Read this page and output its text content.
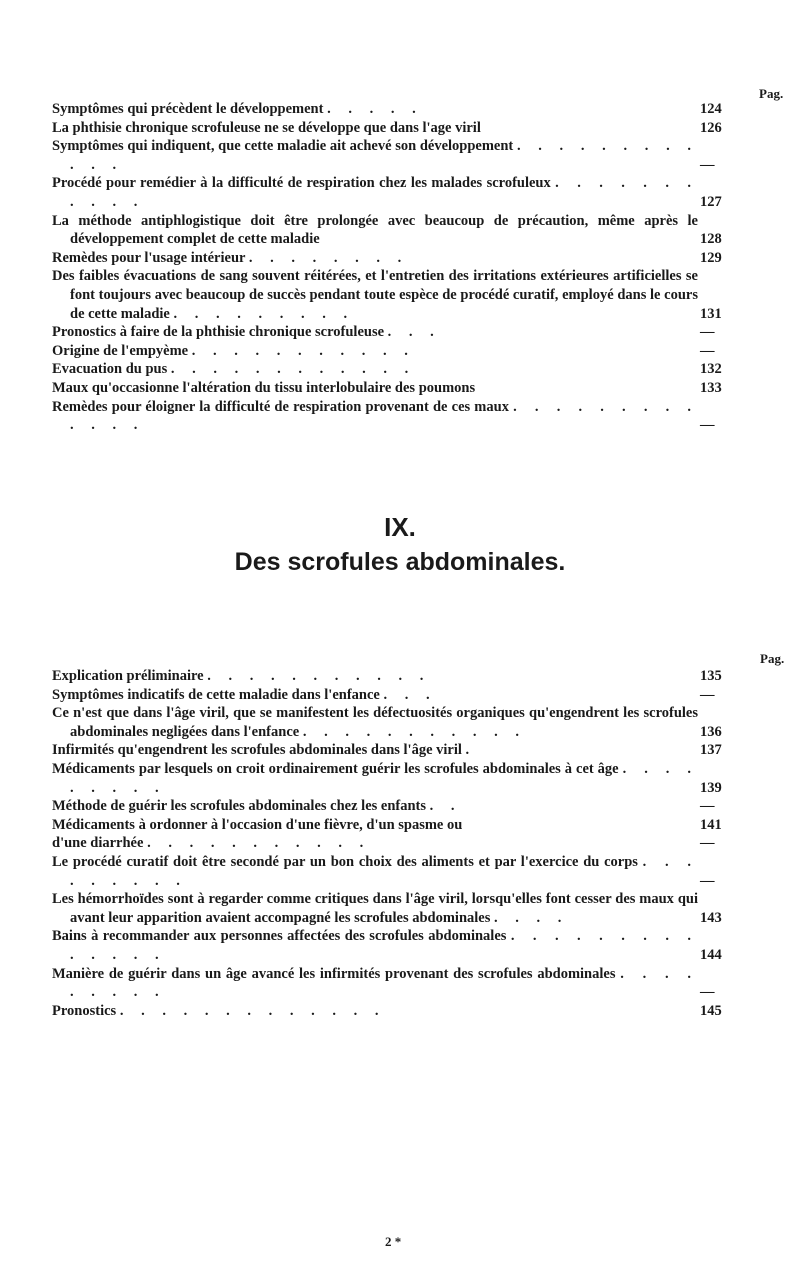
Pag.
Symptômes qui précèdent le développement . . . . .	124
La phthisie chronique scrofuleuse ne se développe que dans l'age viril	126
Symptômes qui indiquent, que cette maladie ait achevé son développement . . . . . . . . . . . .	—
Procédé pour remédier à la difficulté de respiration chez les malades scrofuleux . . . . . . . . . . .	127
La méthode antiphlogistique doit être prolongée avec beaucoup de précaution, même après le développement complet de cette maladie	128
Remèdes pour l'usage intérieur . . . . . . . .	129
Des faibles évacuations de sang souvent réitérées, et l'entretien des irritations extérieures artificielles se font toujours avec beaucoup de succès pendant toute espèce de procédé curatif, employé dans le cours de cette maladie . . . . . . . . .	131
Pronostics à faire de la phthisie chronique scrofuleuse . . .	—
Origine de l'empyème . . . . . . . . . . .	—
Evacuation du pus . . . . . . . . . . . .	132
Maux qu'occasionne l'altération du tissu interlobulaire des poumons	133
Remèdes pour éloigner la difficulté de respiration provenant de ces maux . . . . . . . . . . . . .	—
IX.
Des scrofules abdominales.
Pag.
Explication préliminaire . . . . . . . . . . .	135
Symptômes indicatifs de cette maladie dans l'enfance . . .	—
Ce n'est que dans l'âge viril, que se manifestent les défectuosités organiques qu'engendrent les scrofules abdominales negligées dans l'enfance . . . . . . . . . . .	136
Infirmités qu'engendrent les scrofules abdominales dans l'âge viril .	137
Médicaments par lesquels on croit ordinairement guérir les scrofules abdominales à cet âge . . . . . . . . .	139
Méthode de guérir les scrofules abdominales chez les enfants . .	—
Médicaments à ordonner à l'occasion d'une fièvre, d'un spasme ou	141
d'une diarrhée . . . . . . . . . . .	—
Le procédé curatif doit être secondé par un bon choix des aliments et par l'exercice du corps . . . . . . . . .	—
Les hémorrhoïdes sont à regarder comme critiques dans l'âge viril, lorsqu'elles font cesser des maux qui avant leur apparition avaient accompagné les scrofules abdominales . . . .	143
Bains à recommander aux personnes affectées des scrofules abdominales . . . . . . . . . . . . . .	144
Manière de guérir dans un âge avancé les infirmités provenant des scrofules abdominales . . . . . . . . .	—
Pronostics . . . . . . . . . . . . .	145
2 *
